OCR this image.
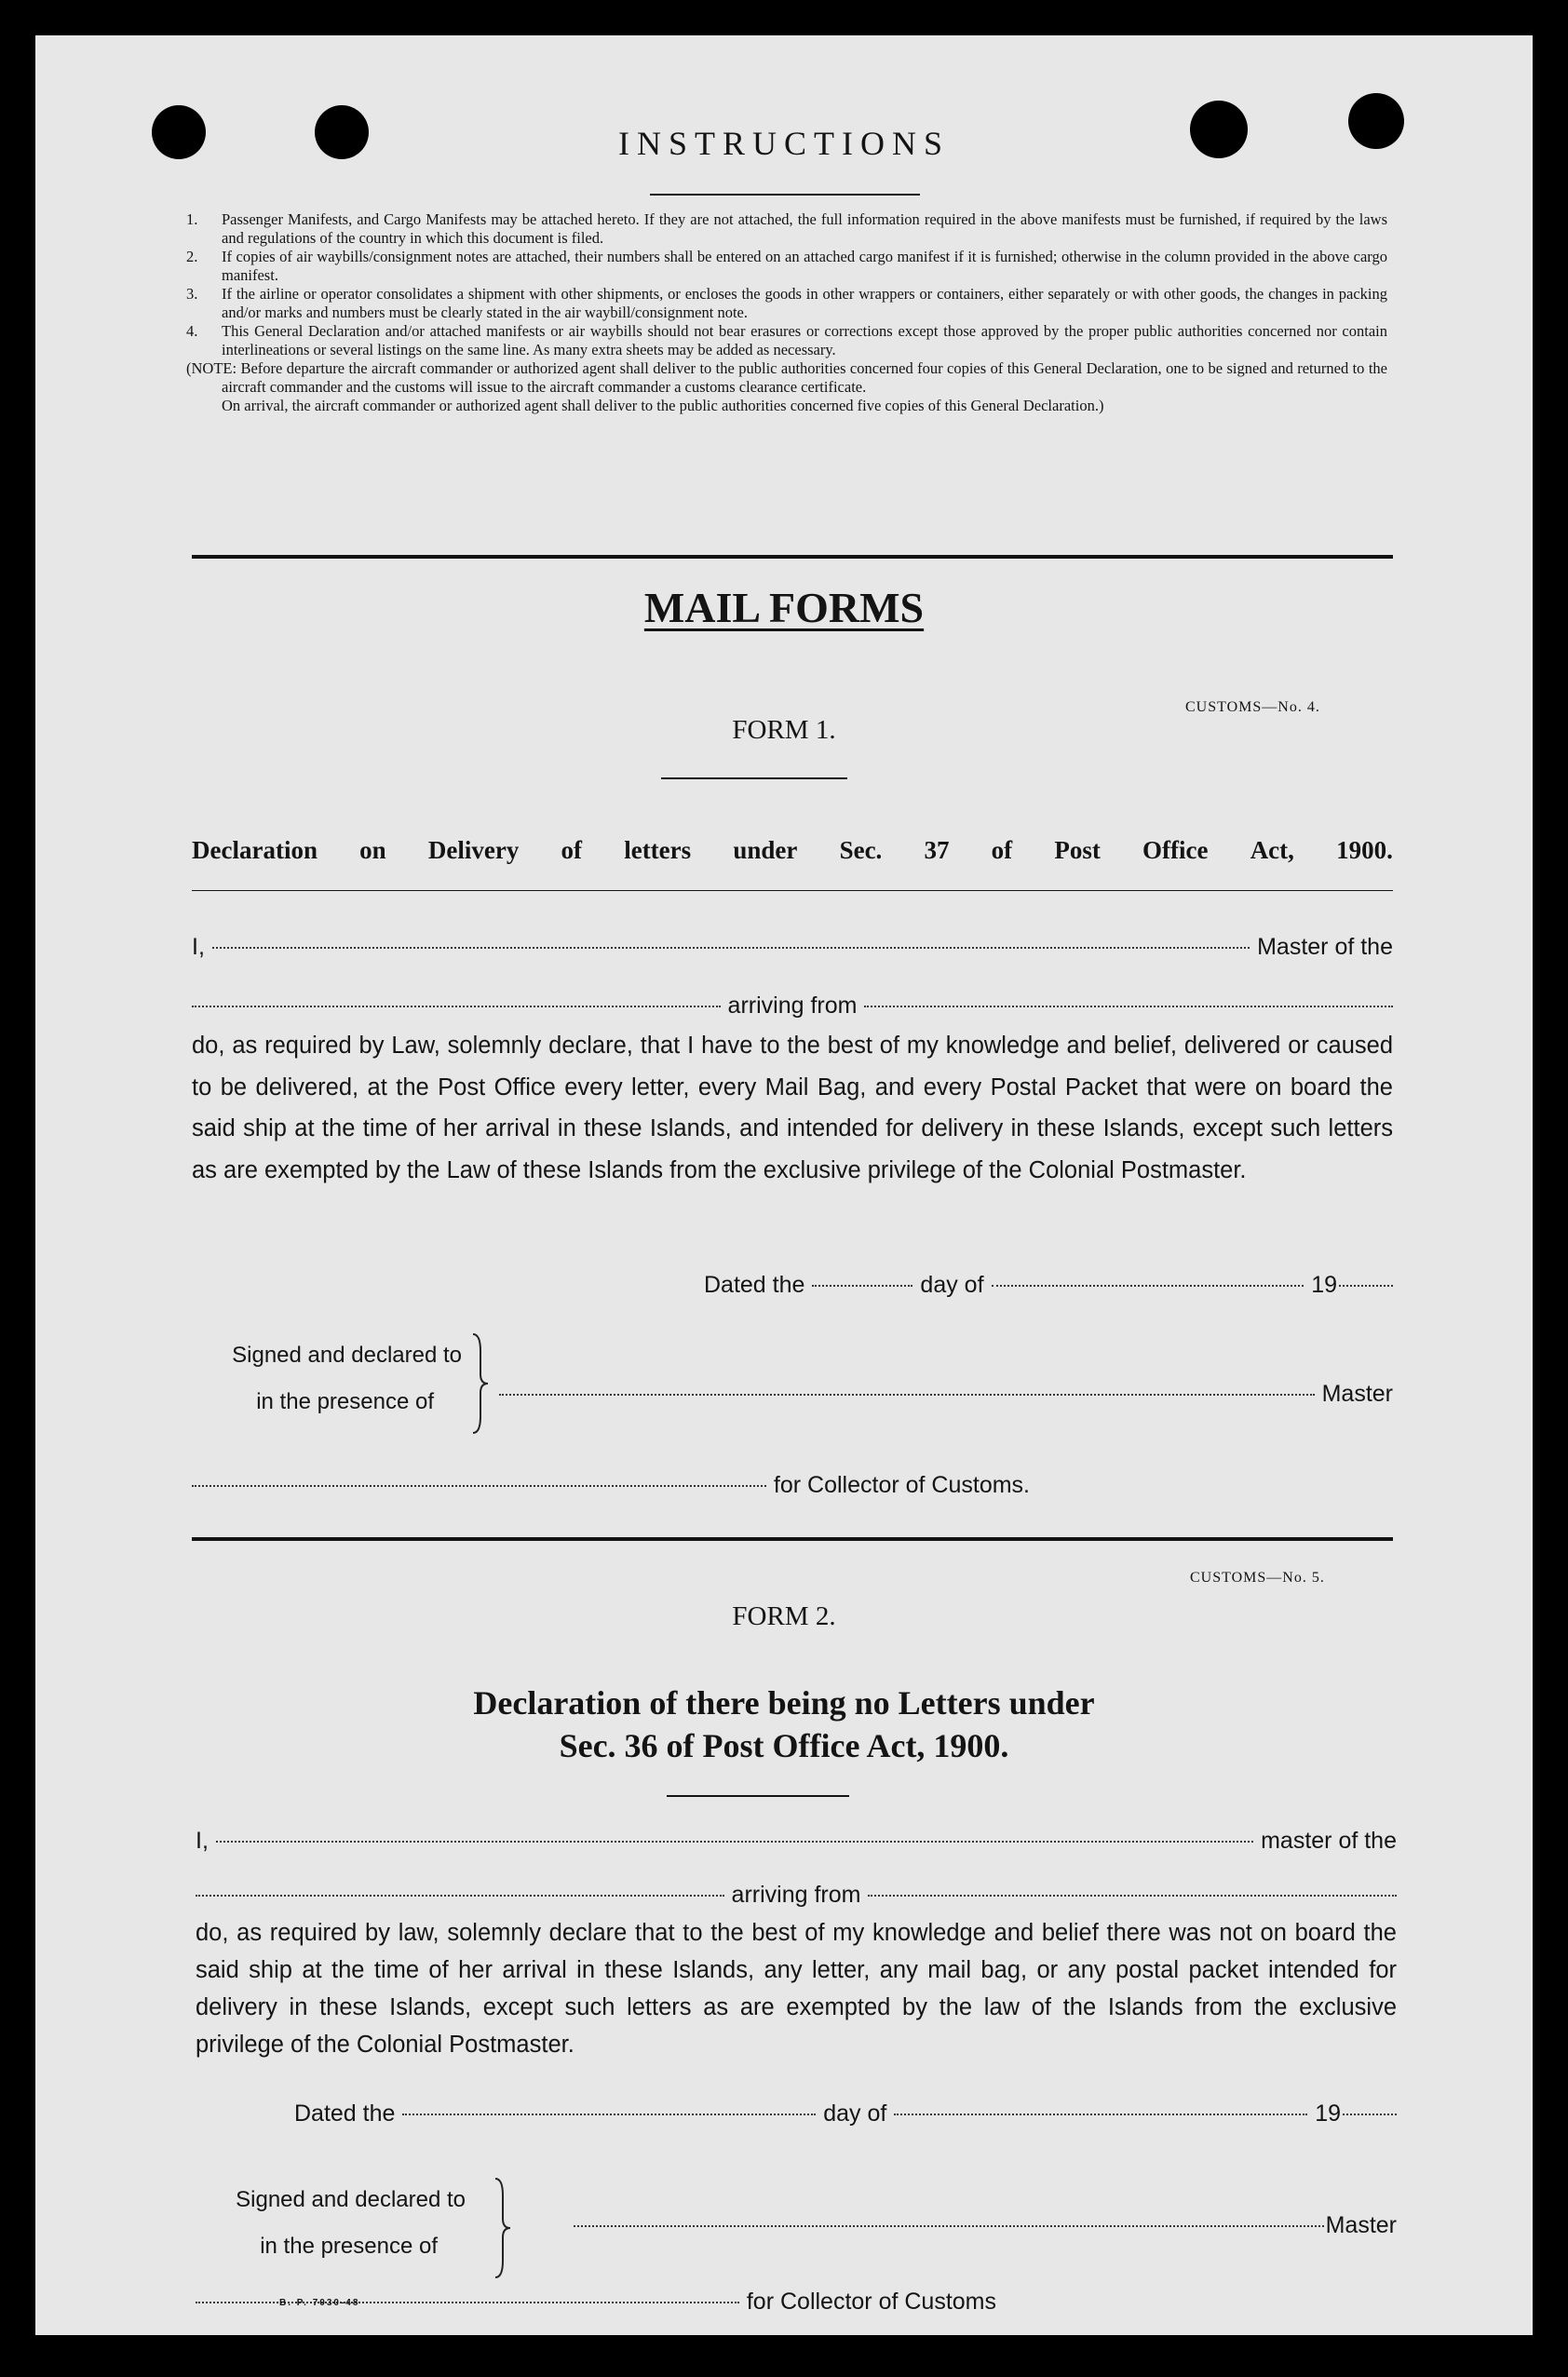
INSTRUCTIONS
1. Passenger Manifests, and Cargo Manifests may be attached hereto. If they are not attached, the full information required in the above manifests must be furnished, if required by the laws and regulations of the country in which this document is filed.
2. If copies of air waybills/consignment notes are attached, their numbers shall be entered on an attached cargo manifest if it is furnished; otherwise in the column provided in the above cargo manifest.
3. If the airline or operator consolidates a shipment with other shipments, or encloses the goods in other wrappers or containers, either separately or with other goods, the changes in packing and/or marks and numbers must be clearly stated in the air waybill/consignment note.
4. This General Declaration and/or attached manifests or air waybills should not bear erasures or corrections except those approved by the proper public authorities concerned nor contain interlineations or several listings on the same line. As many extra sheets may be added as necessary.
(NOTE: Before departure the aircraft commander or authorized agent shall deliver to the public authorities concerned four copies of this General Declaration, one to be signed and returned to the aircraft commander and the customs will issue to the aircraft commander a customs clearance certificate.
On arrival, the aircraft commander or authorized agent shall deliver to the public authorities concerned five copies of this General Declaration.)
MAIL FORMS
CUSTOMS—No. 4.
FORM 1.
Declaration on Delivery of letters under Sec. 37 of Post Office Act, 1900.
I,	Master of the
arriving from
do, as required by Law, solemnly declare, that I have to the best of my knowledge and belief, delivered or caused to be delivered, at the Post Office every letter, every Mail Bag, and every Postal Packet that were on board the said ship at the time of her arrival in these Islands, and intended for delivery in these Islands, except such letters as are exempted by the Law of these Islands from the exclusive privilege of the Colonial Postmaster.
Dated the	day of	19
Signed and declared to
in the presence of	Master
for Collector of Customs.
CUSTOMS—No. 5.
FORM 2.
Declaration of there being no Letters under
Sec. 36 of Post Office Act, 1900.
I,	master of the
arriving from
do, as required by law, solemnly declare that to the best of my knowledge and belief there was not on board the said ship at the time of her arrival in these Islands, any letter, any mail bag, or any postal packet intended for delivery in these Islands, except such letters as are exempted by the law of the Islands from the exclusive privilege of the Colonial Postmaster.
Dated the	day of	19
Signed and declared to
in the presence of
Master
for Collector of Customs
B. P. 7030-48
